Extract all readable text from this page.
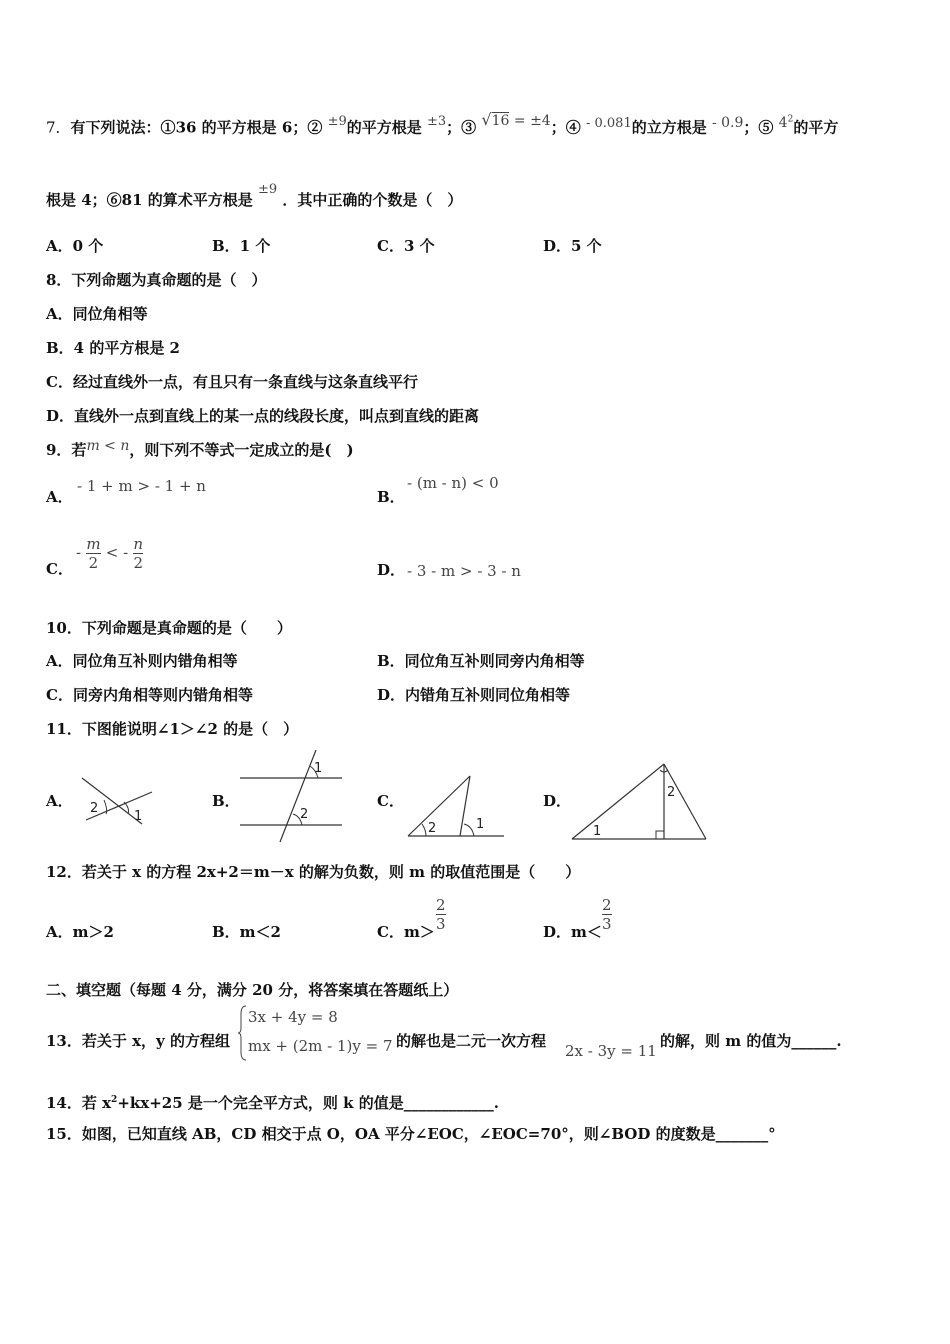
7．有下列说法：①36 的平方根是 6；② ±9的平方根是 ±3；③ √16 = ±4；④ - 0.081的立方根是 - 0.9；⑤ $4^2$的平方
根是 4；⑥81 的算术平方根是 ±9 ．其中正确的个数是（　）
A．0 个	B．1 个	C．3 个	D．5 个
8．下列命题为真命题的是（　）
A．同位角相等
B．4 的平方根是 2
C．经过直线外一点，有且只有一条直线与这条直线平行
D．直线外一点到直线上的某一点的线段长度，叫点到直线的距离
9．若m < n，则下列不等式一定成立的是(　)
A．
- 1 + m > - 1 + n
B．
- (m - n) < 0
C．
- $\frac{m}{2}$ < - $\frac{n}{2}$	D． - 3 - m > - 3 - n
10．下列命题是真命题的是（　　）
A．同位角互补则内错角相等	B．同位角互补则同旁内角相等
C．同旁内角相等则内错角相等	D．内错角互补则同位角相等
11．下图能说明∠1＞∠2 的是（　）
A． 2
1
B．
1
2
C．
2	1
D．
1
2
12．若关于 x 的方程 2x+2＝m－x 的解为负数，则 m 的取值范围是（　　）
A．m＞2	B．m＜2	C．$m> \frac{2}{3}$	D．$m< \frac{2}{3}$
二、填空题（每题 4 分，满分 20 分，将答案填在答题纸上）
13．若关于 x，y 的方程组
3x + 4y = 8
mx + (2m - 1)y = 7 的解也是二元一次方程
2x - 3y = 11
的解，则 m 的值为______.
14．若 $x^2+kx+25$ 是一个完全平方式，则 k 的值是____________.
15．如图，已知直线 AB，CD 相交于点 O，OA 平分∠EOC，∠EOC=70°，则∠BOD 的度数是_______°
